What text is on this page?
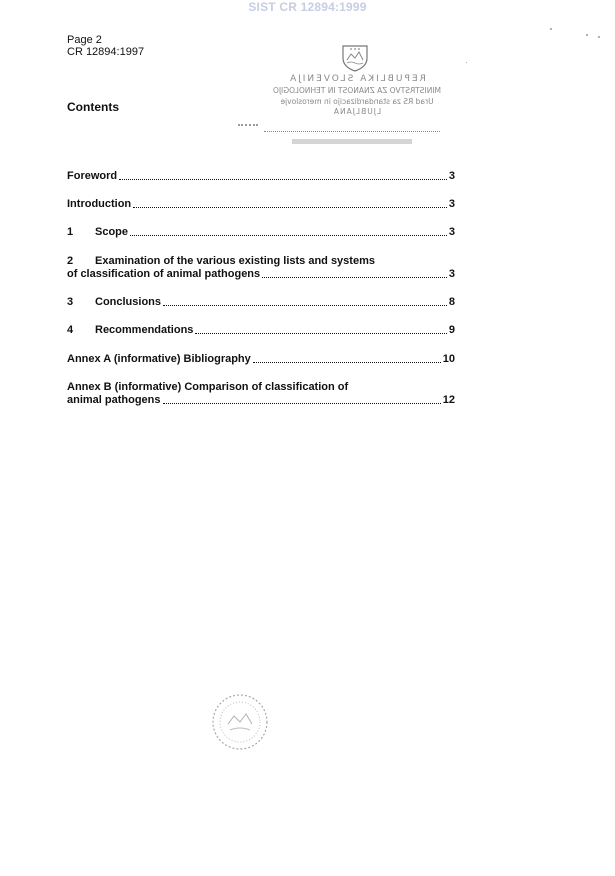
SIST CR 12894:1999
Page 2
CR 12894:1997
Contents
REPUBLIKA SLOVENIJA
MINISTRSTVO ZA ZNANOST IN TEHNOLOGIJO
Urad RS za standardizacijo in meroslovje
LJUBLJANA
Foreword	3
Introduction	3
1	Scope	3
2	Examination of the various existing lists and systems
of classification of animal pathogens	3
3	Conclusions	8
4	Recommendations	9
Annex A (informative) Bibliography	10
Annex B (informative) Comparison of classification of
animal pathogens	12
